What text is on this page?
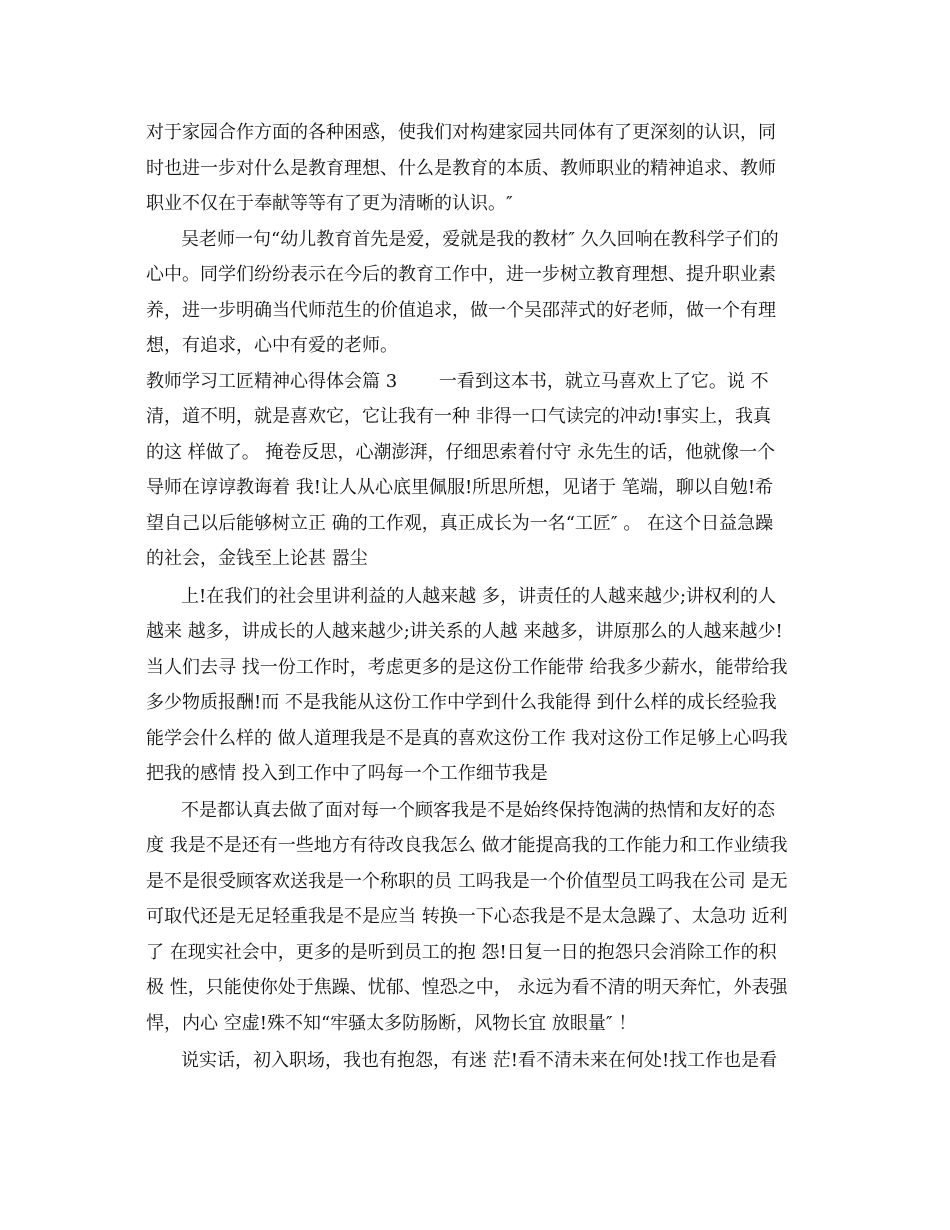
对于家园合作方面的各种困惑，使我们对构建家园共同体有了更深刻的认识，同
时也进一步对什么是教育理想、什么是教育的本质、教师职业的精神追求、教师
职业不仅在于奉献等等有了更为清晰的认识。″
吴老师一句“幼儿教育首先是爱，爱就是我的教材″ 久久回响在教科学子们的
心中。同学们纷纷表示在今后的教育工作中，进一步树立教育理想、提升职业素
养，进一步明确当代师范生的价值追求，做一个吴邵萍式的好老师，做一个有理
想，有追求，心中有爱的老师。
教师学习工匠精神心得体会篇 3　　 一看到这本书，就立马喜欢上了它。说 不
清，道不明，就是喜欢它，它让我有一种 非得一口气读完的冲动!事实上，我真
的这 样做了。 掩卷反思，心潮澎湃，仔细思索着付守 永先生的话，他就像一个
导师在谆谆教诲着 我!让人从心底里佩服!所思所想，见诸于 笔端，聊以自勉!希
望自己以后能够树立正 确的工作观，真正成长为一名“工匠″ 。 在这个日益急躁
的社会，金钱至上论甚 嚣尘
上!在我们的社会里讲利益的人越来越 多，讲责任的人越来越少;讲权利的人
越来 越多，讲成长的人越来越少;讲关系的人越 来越多，讲原那么的人越来越少!
当人们去寻 找一份工作时，考虑更多的是这份工作能带 给我多少薪水，能带给我
多少物质报酬!而 不是我能从这份工作中学到什么我能得 到什么样的成长经验我
能学会什么样的 做人道理我是不是真的喜欢这份工作 我对这份工作足够上心吗我
把我的感情 投入到工作中了吗每一个工作细节我是
不是都认真去做了面对每一个顾客我是不是始终保持饱满的热情和友好的态
度 我是不是还有一些地方有待改良我怎么 做才能提高我的工作能力和工作业绩我
是不是很受顾客欢送我是一个称职的员 工吗我是一个价值型员工吗我在公司 是无
可取代还是无足轻重我是不是应当 转换一下心态我是不是太急躁了、太急功 近利
了 在现实社会中，更多的是听到员工的抱 怨!日复一日的抱怨只会消除工作的积
极 性，只能使你处于焦躁、忧郁、惶恐之中， 永远为看不清的明天奔忙，外表强
悍，内心 空虚!殊不知“牢骚太多防肠断，风物长宜 放眼量″ ！
说实话，初入职场，我也有抱怨，有迷 茫!看不清未来在何处!找工作也是看
